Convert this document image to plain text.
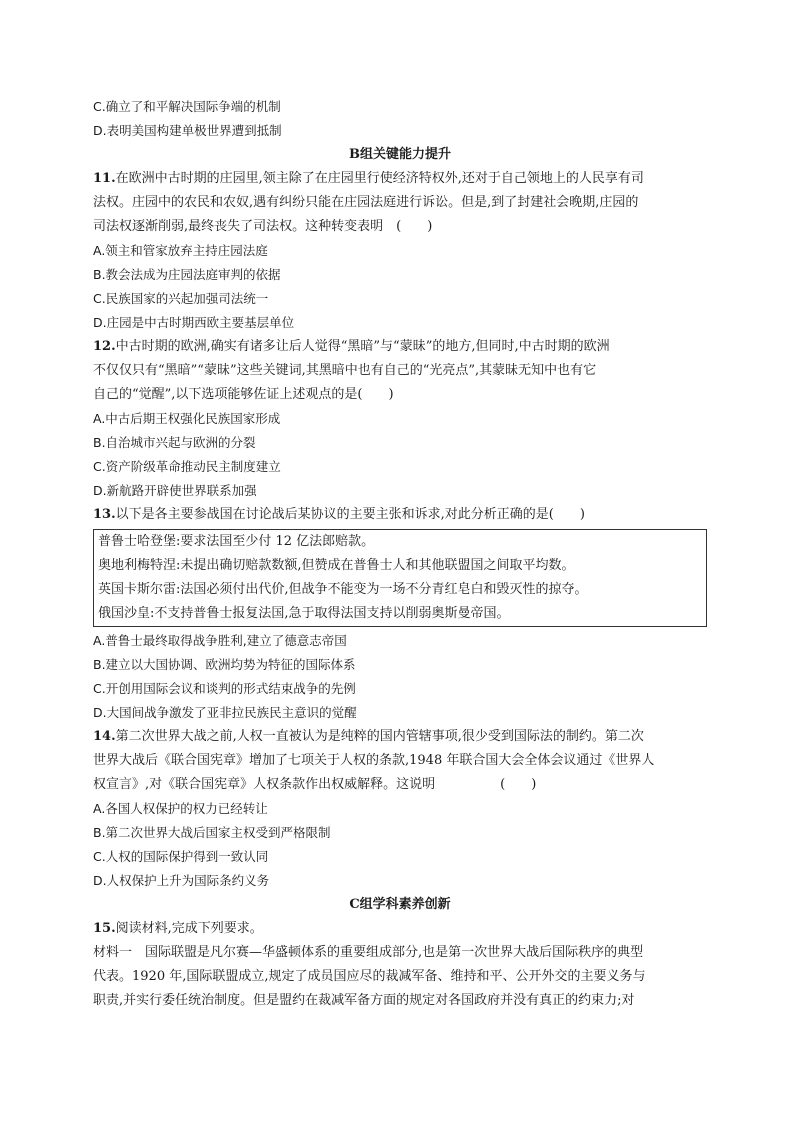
C.确立了和平解决国际争端的机制
D.表明美国构建单极世界遭到抵制
B组关键能力提升
11.在欧洲中古时期的庄园里,领主除了在庄园里行使经济特权外,还对于自己领地上的人民享有司
法权。庄园中的农民和农奴,遇有纠纷只能在庄园法庭进行诉讼。但是,到了封建社会晚期,庄园的
司法权逐渐削弱,最终丧失了司法权。这种转变表明　(　　)
A.领主和管家放弃主持庄园法庭
B.教会法成为庄园法庭审判的依据
C.民族国家的兴起加强司法统一
D.庄园是中古时期西欧主要基层单位
12.中古时期的欧洲,确实有诸多让后人觉得“黑暗”与“蒙昧”的地方,但同时,中古时期的欧洲
不仅仅只有“黑暗”“蒙昧”这些关键词,其黑暗中也有自己的“光亮点”,其蒙昧无知中也有它
自己的“觉醒”,以下选项能够佐证上述观点的是(　　)
A.中古后期王权强化民族国家形成
B.自治城市兴起与欧洲的分裂
C.资产阶级革命推动民主制度建立
D.新航路开辟使世界联系加强
13.以下是各主要参战国在讨论战后某协议的主要主张和诉求,对此分析正确的是(　　)
普鲁士哈登堡:要求法国至少付 12 亿法郎赔款。
奥地利梅特涅:未提出确切赔款数额,但赞成在普鲁士人和其他联盟国之间取平均数。
英国卡斯尔雷:法国必须付出代价,但战争不能变为一场不分青红皂白和毁灭性的掠夺。
俄国沙皇:不支持普鲁士报复法国,急于取得法国支持以削弱奥斯曼帝国。
A.普鲁士最终取得战争胜利,建立了德意志帝国
B.建立以大国协调、欧洲均势为特征的国际体系
C.开创用国际会议和谈判的形式结束战争的先例
D.大国间战争激发了亚非拉民族民主意识的觉醒
14.第二次世界大战之前,人权一直被认为是纯粹的国内管辖事项,很少受到国际法的制约。第二次
世界大战后《联合国宪章》增加了七项关于人权的条款,1948 年联合国大会全体会议通过《世界人
权宣言》,对《联合国宪章》人权条款作出权威解释。这说明　　　　　(　　)
A.各国人权保护的权力已经转让
B.第二次世界大战后国家主权受到严格限制
C.人权的国际保护得到一致认同
D.人权保护上升为国际条约义务
C组学科素养创新
15.阅读材料,完成下列要求。
材料一　国际联盟是凡尔赛—华盛顿体系的重要组成部分,也是第一次世界大战后国际秩序的典型
代表。1920 年,国际联盟成立,规定了成员国应尽的裁减军备、维持和平、公开外交的主要义务与
职责,并实行委任统治制度。但是盟约在裁减军备方面的规定对各国政府并没有真正的约束力;对
